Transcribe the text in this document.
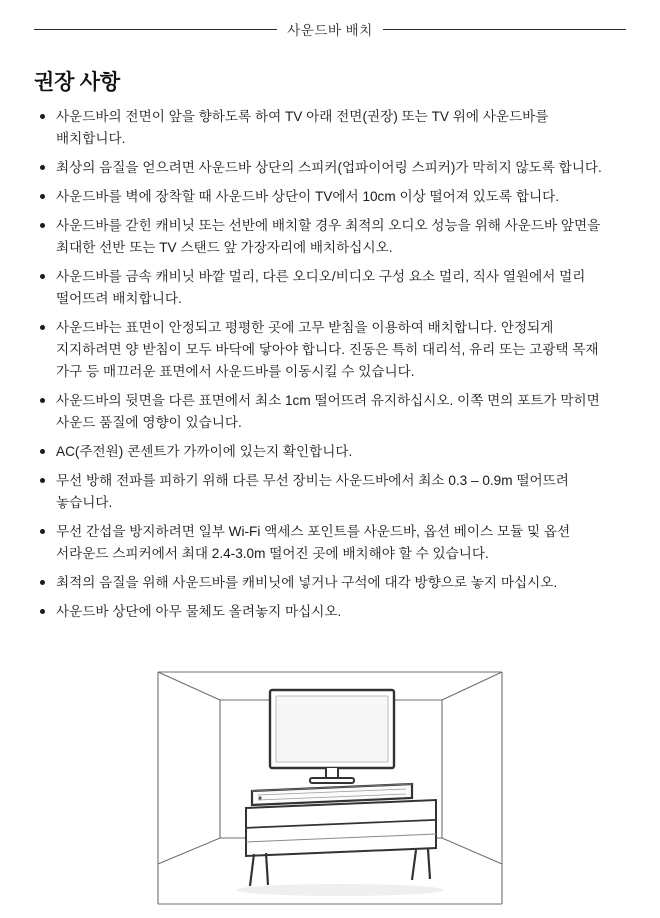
사운드바 배치
권장 사항
사운드바의 전면이 앞을 향하도록 하여 TV 아래 전면(권장) 또는 TV 위에 사운드바를 배치합니다.
최상의 음질을 얻으려면 사운드바 상단의 스피커(업파이어링 스피커)가 막히지 않도록 합니다.
사운드바를 벽에 장착할 때 사운드바 상단이 TV에서 10cm 이상 떨어져 있도록 합니다.
사운드바를 갇힌 캐비닛 또는 선반에 배치할 경우 최적의 오디오 성능을 위해 사운드바 앞면을 최대한 선반 또는 TV 스탠드 앞 가장자리에 배치하십시오.
사운드바를 금속 캐비닛 바깥 멀리, 다른 오디오/비디오 구성 요소 멀리, 직사 열원에서 멀리 떨어뜨려 배치합니다.
사운드바는 표면이 안정되고 평평한 곳에 고무 받침을 이용하여 배치합니다. 안정되게 지지하려면 양 받침이 모두 바닥에 닿아야 합니다. 진동은 특히 대리석, 유리 또는 고광택 목재 가구 등 매끄러운 표면에서 사운드바를 이동시킬 수 있습니다.
사운드바의 뒷면을 다른 표면에서 최소 1cm 떨어뜨려 유지하십시오. 이쪽 면의 포트가 막히면 사운드 품질에 영향이 있습니다.
AC(주전원) 콘센트가 가까이에 있는지 확인합니다.
무선 방해 전파를 피하기 위해 다른 무선 장비는 사운드바에서 최소 0.3 – 0.9m 떨어뜨려 놓습니다.
무선 간섭을 방지하려면 일부 Wi-Fi 액세스 포인트를 사운드바, 옵션 베이스 모듈 및 옵션 서라운드 스피커에서 최대 2.4-3.0m 떨어진 곳에 배치해야 할 수 있습니다.
최적의 음질을 위해 사운드바를 캐비닛에 넣거나 구석에 대각 방향으로 놓지 마십시오.
사운드바 상단에 아무 물체도 올려놓지 마십시오.
